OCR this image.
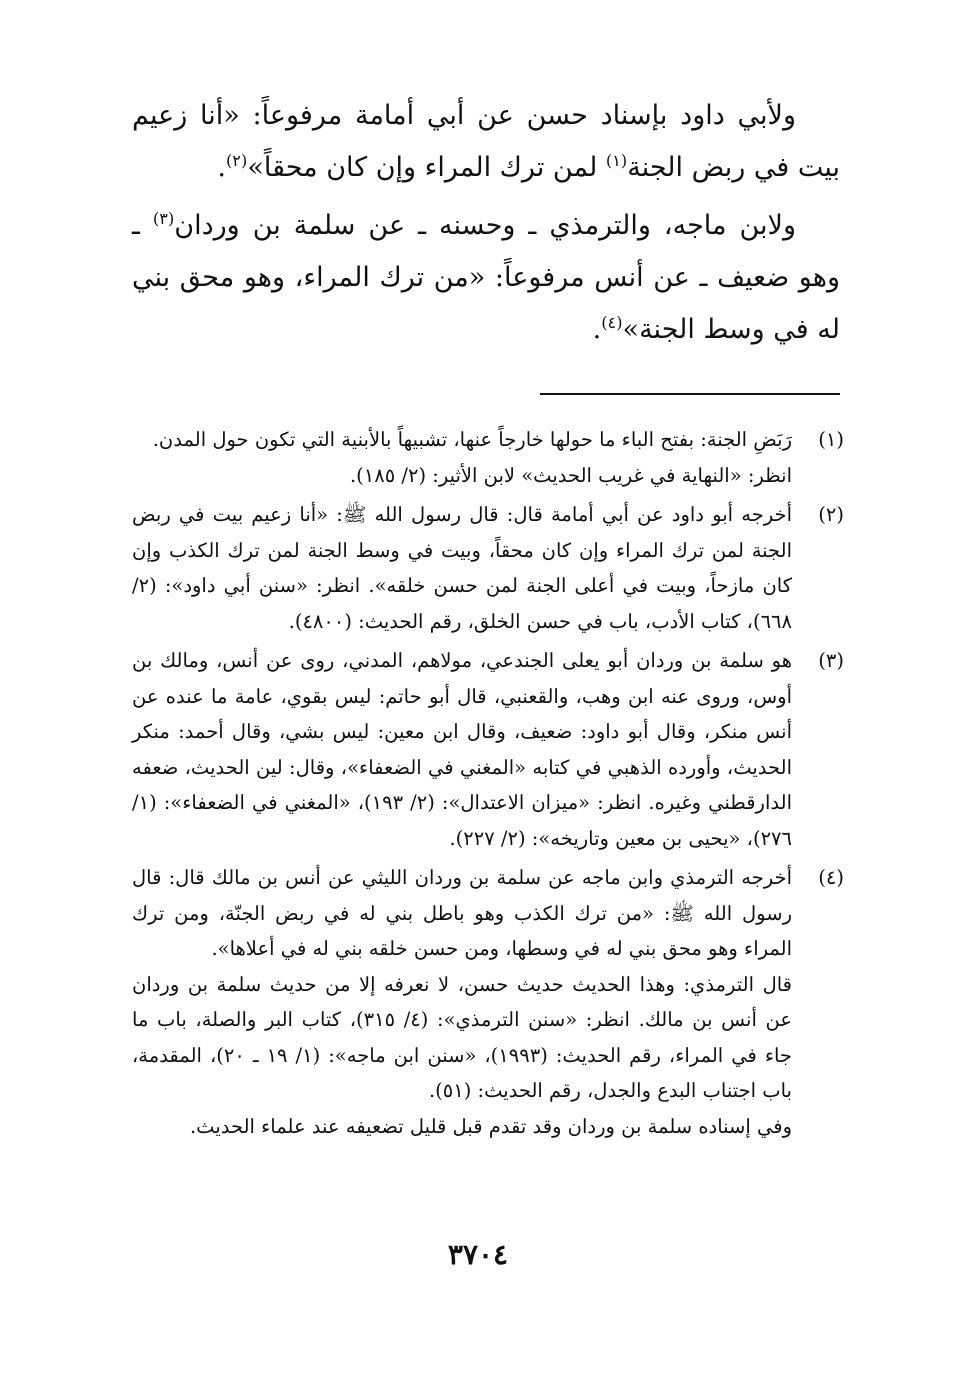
ولأبي داود بإسناد حسن عن أبي أمامة مرفوعاً: «أنا زعيم بيت في ربض الجنة$^{(١)}$ لمن ترك المراء وإن كان محقاً»$^{(٢)}$.

ولابن ماجه، والترمذي ـ وحسنه ـ عن سلمة بن وردان$^{(٣)}$ ـ وهو ضعيف ـ عن أنس مرفوعاً: «من ترك المراء، وهو محق بني له في وسط الجنة»$^{(٤)}$.

(١)

رَبَضِ الجنة: بفتح الباء ما حولها خارجاً عنها، تشبيهاً بالأبنية التي تكون حول المدن.

انظر: «النهاية في غريب الحديث» لابن الأثير: (٢/ ١٨٥).

(٢)

أخرجه أبو داود عن أبي أمامة قال: قال رسول الله ﷺ: «أنا زعيم بيت في ربض الجنة لمن ترك المراء وإن كان محقاً، وبيت في وسط الجنة لمن ترك الكذب وإن كان مازحاً، وبيت في أعلى الجنة لمن حسن خلقه». انظر: «سنن أبي داود»: (٢/ ٦٦٨)، كتاب الأدب، باب في حسن الخلق، رقم الحديث: (٤٨٠٠).

(٣)

هو سلمة بن وردان أبو يعلى الجندعي، مولاهم، المدني، روى عن أنس، ومالك بن أوس، وروى عنه ابن وهب، والقعنبي، قال أبو حاتم: ليس بقوي، عامة ما عنده عن أنس منكر، وقال أبو داود: ضعيف، وقال ابن معين: ليس بشي، وقال أحمد: منكر الحديث، وأورده الذهبي في كتابه «المغني في الضعفاء»، وقال: لين الحديث، ضعفه الدارقطني وغيره. انظر: «ميزان الاعتدال»: (٢/ ١٩٣)، «المغني في الضعفاء»: (١/ ٢٧٦)، «يحيى بن معين وتاريخه»: (٢/ ٢٢٧).

(٤)

أخرجه الترمذي وابن ماجه عن سلمة بن وردان الليثي عن أنس بن مالك قال: قال رسول الله ﷺ: «من ترك الكذب وهو باطل بني له في ربض الجنّة، ومن ترك المراء وهو محق بني له في وسطها، ومن حسن خلقه بني له في أعلاها».

قال الترمذي: وهذا الحديث حديث حسن، لا نعرفه إلا من حديث سلمة بن وردان عن أنس بن مالك. انظر: «سنن الترمذي»: (٤/ ٣١٥)، كتاب البر والصلة، باب ما جاء في المراء، رقم الحديث: (١٩٩٣)، «سنن ابن ماجه»: (١/ ١٩ ـ ٢٠)، المقدمة، باب اجتناب البدع والجدل، رقم الحديث: (٥١).

وفي إسناده سلمة بن وردان وقد تقدم قبل قليل تضعيفه عند علماء الحديث.

٣٧٠٤
